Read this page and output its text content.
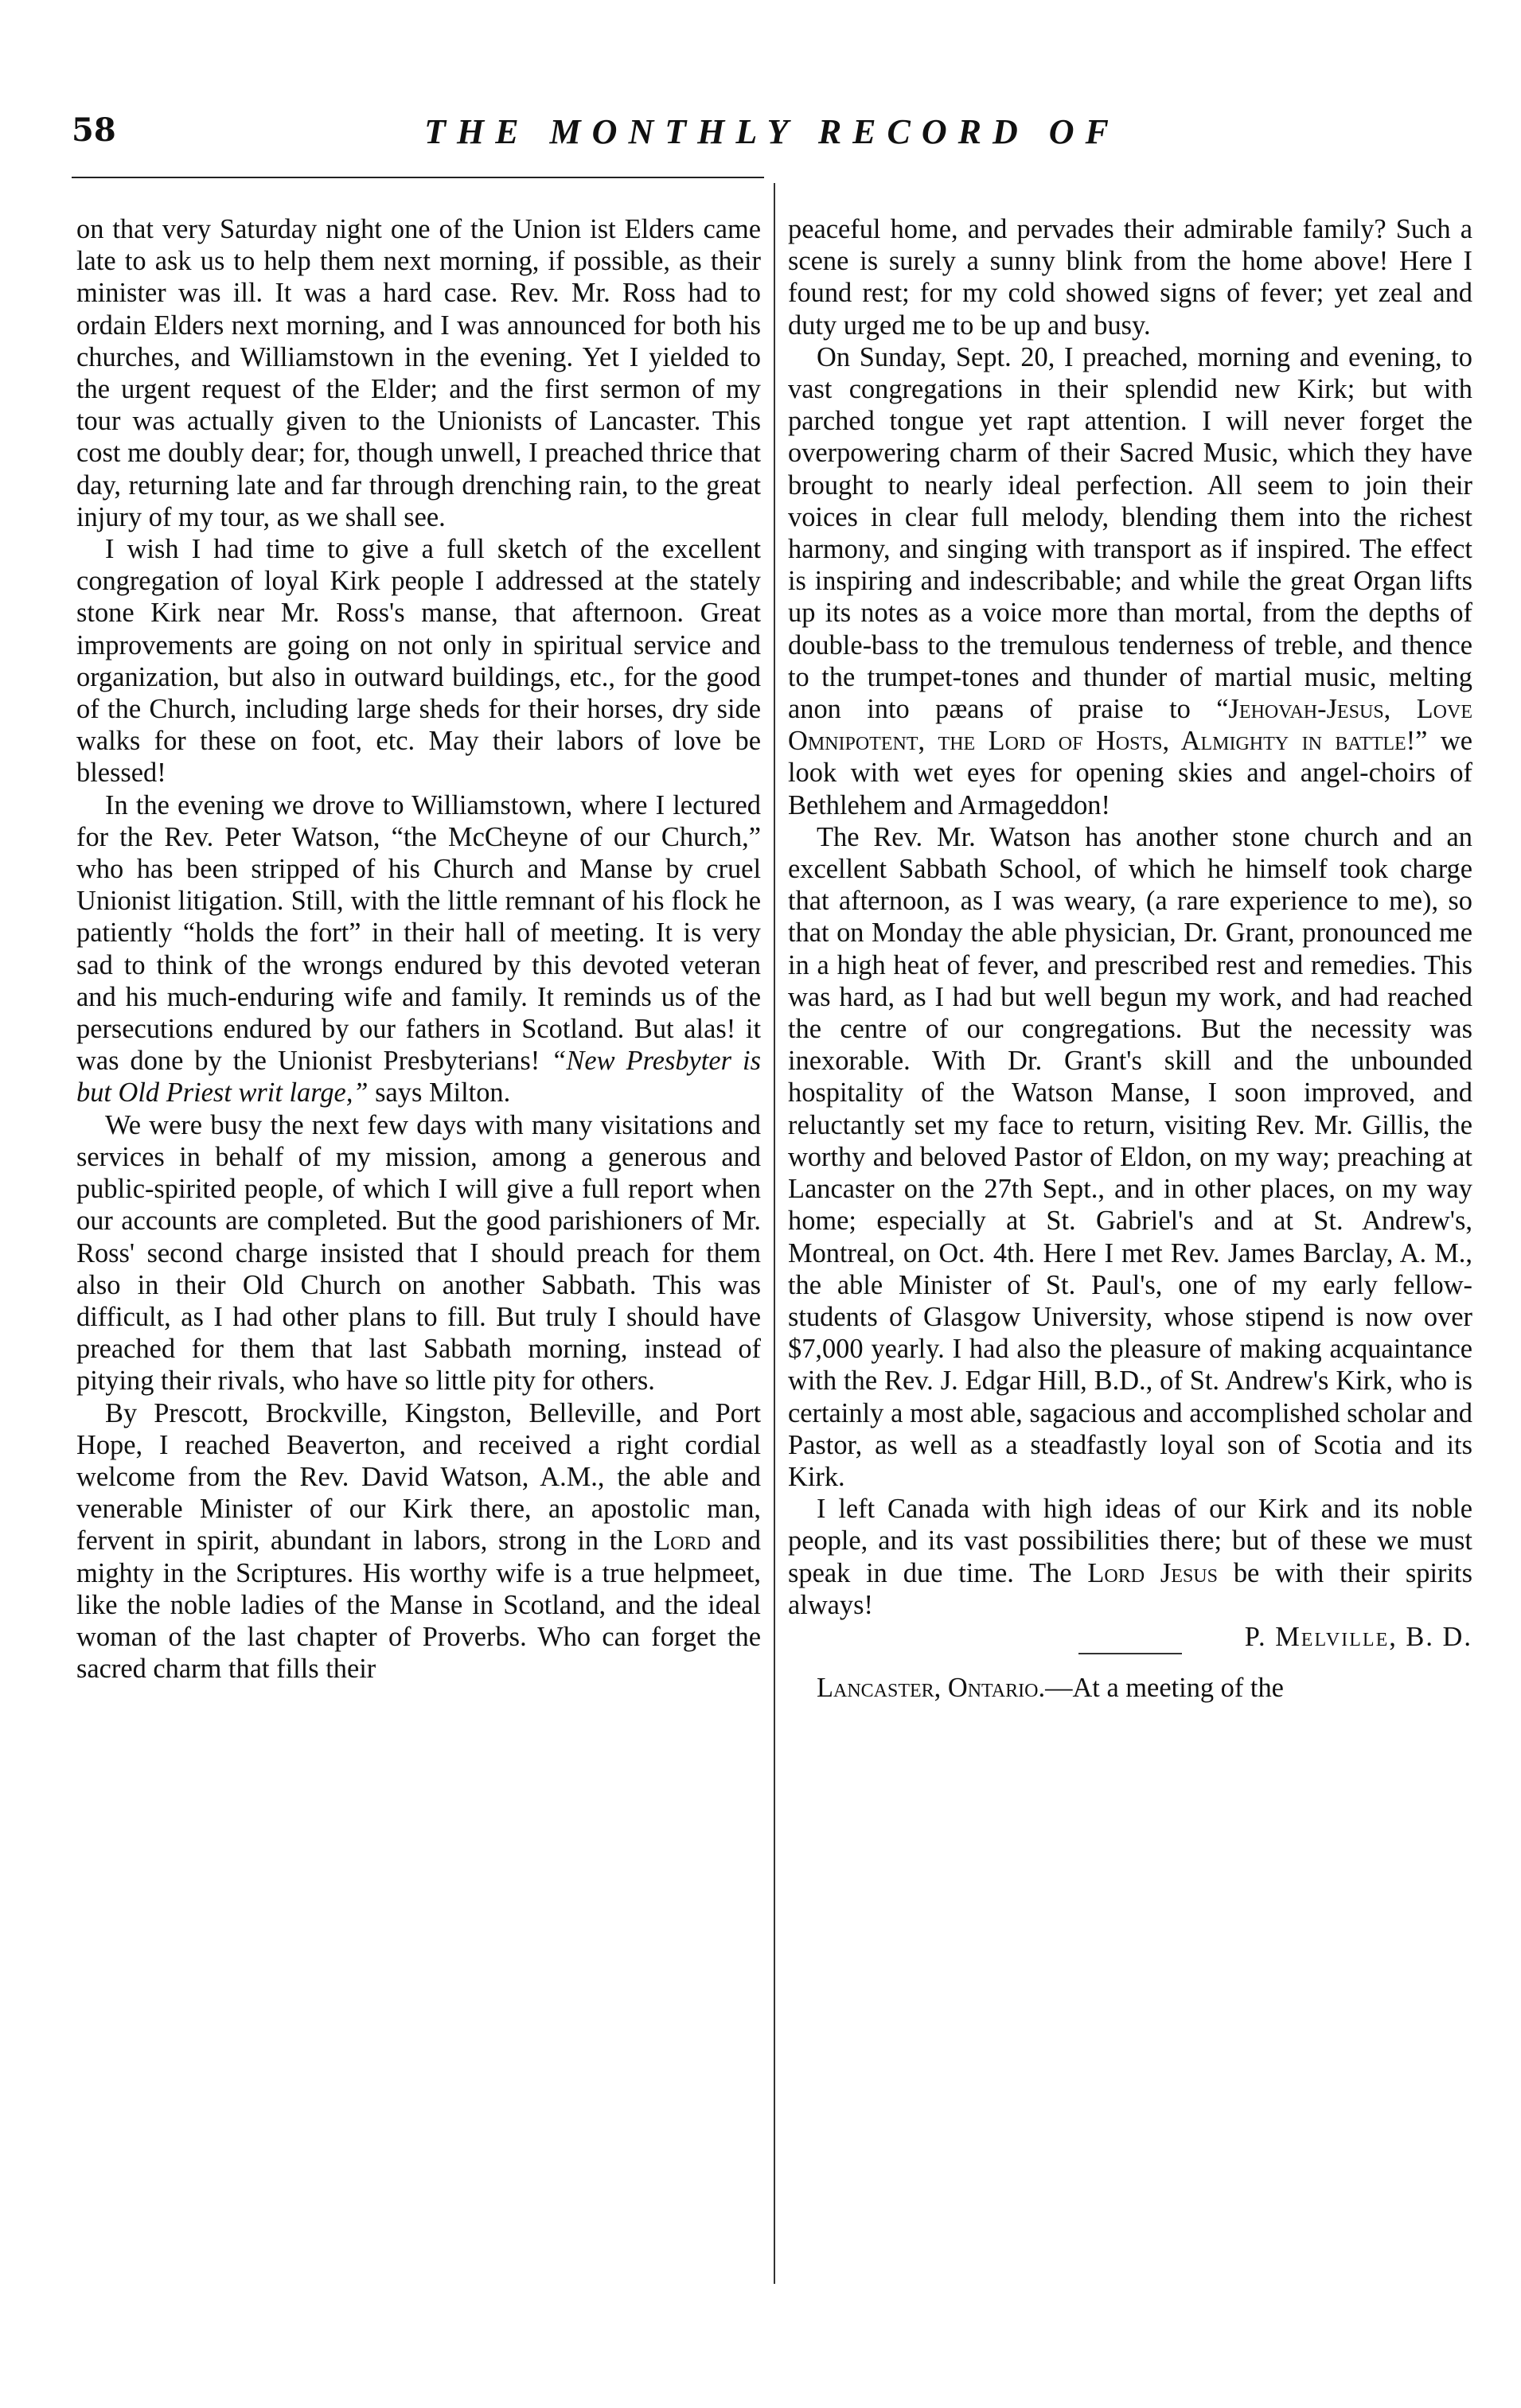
58	THE MONTHLY RECORD OF

on that very Saturday night one of the Union ist Elders came late to ask us to help them next morning, if possible, as their minister was ill. It was a hard case. Rev. Mr. Ross had to ordain Elders next morning, and I was announced for both his churches, and Williamstown in the evening. Yet I yielded to the urgent request of the Elder; and the first sermon of my tour was actually given to the Unionists of Lancaster. This cost me doubly dear; for, though unwell, I preached thrice that day, returning late and far through drenching rain, to the great injury of my tour, as we shall see.

I wish I had time to give a full sketch of the excellent congregation of loyal Kirk people I addressed at the stately stone Kirk near Mr. Ross's manse, that afternoon. Great improvements are going on not only in spiritual service and organization, but also in outward buildings, etc., for the good of the Church, including large sheds for their horses, dry side walks for these on foot, etc. May their labors of love be blessed!

In the evening we drove to Williamstown, where I lectured for the Rev. Peter Watson, “the McCheyne of our Church,” who has been stripped of his Church and Manse by cruel Unionist litigation. Still, with the little remnant of his flock he patiently “holds the fort” in their hall of meeting. It is very sad to think of the wrongs endured by this devoted veteran and his much-enduring wife and family. It reminds us of the persecutions endured by our fathers in Scotland. But alas! it was done by the Unionist Presbyterians! “New Presbyter is but Old Priest writ large,” says Milton.

We were busy the next few days with many visitations and services in behalf of my mission, among a generous and public-spirited people, of which I will give a full report when our accounts are completed. But the good parishioners of Mr. Ross' second charge insisted that I should preach for them also in their Old Church on another Sabbath. This was difficult, as I had other plans to fill. But truly I should have preached for them that last Sabbath morning, instead of pitying their rivals, who have so little pity for others.

By Prescott, Brockville, Kingston, Belleville, and Port Hope, I reached Beaverton, and received a right cordial welcome from the Rev. David Watson, A.M., the able and venerable Minister of our Kirk there, an apostolic man, fervent in spirit, abundant in labors, strong in the Lord and mighty in the Scriptures. His worthy wife is a true helpmeet, like the noble ladies of the Manse in Scotland, and the ideal woman of the last chapter of Proverbs. Who can forget the sacred charm that fills their

peaceful home, and pervades their admirable family? Such a scene is surely a sunny blink from the home above! Here I found rest; for my cold showed signs of fever; yet zeal and duty urged me to be up and busy.

On Sunday, Sept. 20, I preached, morning and evening, to vast congregations in their splendid new Kirk; but with parched tongue yet rapt attention. I will never forget the overpowering charm of their Sacred Music, which they have brought to nearly ideal perfection. All seem to join their voices in clear full melody, blending them into the richest harmony, and singing with transport as if inspired. The effect is inspiring and indescribable; and while the great Organ lifts up its notes as a voice more than mortal, from the depths of double-bass to the tremulous tenderness of treble, and thence to the trumpet-tones and thunder of martial music, melting anon into pæans of praise to “Jehovah-Jesus, Love Omnipotent, the Lord of Hosts, Almighty in battle!” we look with wet eyes for opening skies and angel-choirs of Bethlehem and Armageddon!

The Rev. Mr. Watson has another stone church and an excellent Sabbath School, of which he himself took charge that afternoon, as I was weary, (a rare experience to me), so that on Monday the able physician, Dr. Grant, pronounced me in a high heat of fever, and prescribed rest and remedies. This was hard, as I had but well begun my work, and had reached the centre of our congregations. But the necessity was inexorable. With Dr. Grant's skill and the unbounded hospitality of the Watson Manse, I soon improved, and reluctantly set my face to return, visiting Rev. Mr. Gillis, the worthy and beloved Pastor of Eldon, on my way; preaching at Lancaster on the 27th Sept., and in other places, on my way home; especially at St. Gabriel's and at St. Andrew's, Montreal, on Oct. 4th. Here I met Rev. James Barclay, A. M., the able Minister of St. Paul's, one of my early fellow-students of Glasgow University, whose stipend is now over $7,000 yearly. I had also the pleasure of making acquaintance with the Rev. J. Edgar Hill, B.D., of St. Andrew's Kirk, who is certainly a most able, sagacious and accomplished scholar and Pastor, as well as a steadfastly loyal son of Scotia and its Kirk.

I left Canada with high ideas of our Kirk and its noble people, and its vast possibilities there; but of these we must speak in due time. The Lord Jesus be with their spirits always!

P. Melville, B. D.

Lancaster, Ontario.—At a meeting of the
